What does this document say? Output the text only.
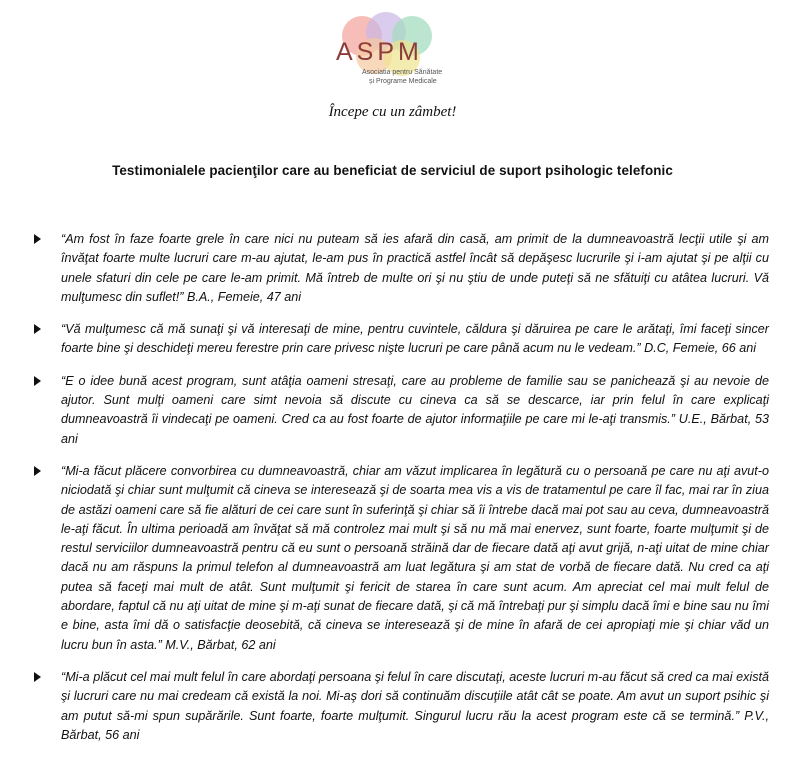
ASPM
Asociatia pentru Sănătate
și Programe Medicale
Începe cu un zâmbet!
Testimonialele pacienţilor care au beneficiat de serviciul de suport psihologic telefonic
“Am fost în faze foarte grele în care nici nu puteam să ies afară din casă, am primit de la dumneavoastră lecţii utile şi am învăţat foarte multe lucruri care m-au ajutat, le-am pus în practică astfel încât să depăşesc lucrurile şi i-am ajutat şi pe alţii cu unele sfaturi din cele pe care le-am primit. Mă întreb de multe ori şi nu ştiu de unde puteţi să ne sfătuiţi cu atâtea lucruri. Vă mulţumesc din suflet!” B.A., Femeie, 47 ani
“Vă mulţumesc că mă sunaţi şi vă interesaţi de mine, pentru cuvintele, căldura şi dăruirea pe care le arătaţi, îmi faceţi sincer foarte bine şi deschideţi mereu ferestre prin care privesc nişte lucruri pe care până acum nu le vedeam.” D.C, Femeie, 66 ani
“E o idee bună acest program, sunt atâţia oameni stresaţi, care au probleme de familie sau se panichează şi au nevoie de ajutor. Sunt mulţi oameni care simt nevoia să discute cu cineva ca să se descarce, iar prin felul în care explicaţi dumneavoastră îi vindecaţi pe oameni. Cred ca au fost foarte de ajutor informaţiile pe care mi le-aţi transmis.” U.E., Bărbat, 53 ani
“Mi-a făcut plăcere convorbirea cu dumneavoastră, chiar am văzut implicarea în legătură cu o persoană pe care nu aţi avut-o niciodată şi chiar sunt mulţumit că cineva se interesează şi de soarta mea vis a vis de tratamentul pe care îl fac, mai rar în ziua de astăzi oameni care să fie alături de cei care sunt în suferinţă şi chiar să îi întrebe dacă mai pot sau au ceva, dumneavoastră le-aţi făcut. În ultima perioadă am învăţat să mă controlez mai mult şi să nu mă mai enervez, sunt foarte, foarte mulţumit şi de restul serviciilor dumneavoastră pentru că eu sunt o persoană străină dar de fiecare dată aţi avut grijă, n-aţi uitat de mine chiar dacă nu am răspuns la primul telefon al dumneavoastră am luat legătura şi am stat de vorbă de fiecare dată. Nu cred ca aţi putea să faceţi mai mult de atât. Sunt mulţumit şi fericit de starea în care sunt acum. Am apreciat cel mai mult felul de abordare, faptul că nu aţi uitat de mine şi m-aţi sunat de fiecare dată, şi că mă întrebaţi pur şi simplu dacă îmi e bine sau nu îmi e bine, asta îmi dă o satisfacţie deosebită, că cineva se interesează şi de mine în afară de cei apropiaţi mie şi chiar văd un lucru bun în asta.” M.V., Bărbat, 62 ani
“Mi-a plăcut cel mai mult felul în care abordaţi persoana şi felul în care discutaţi, aceste lucruri m-au făcut să cred ca mai există şi lucruri care nu mai credeam că există la noi. Mi-aş dori să continuăm discuţiile atât cât se poate. Am avut un suport psihic şi am putut să-mi spun supărările. Sunt foarte, foarte mulţumit. Singurul lucru rău la acest program este că se termină.” P.V., Bărbat, 56 ani
